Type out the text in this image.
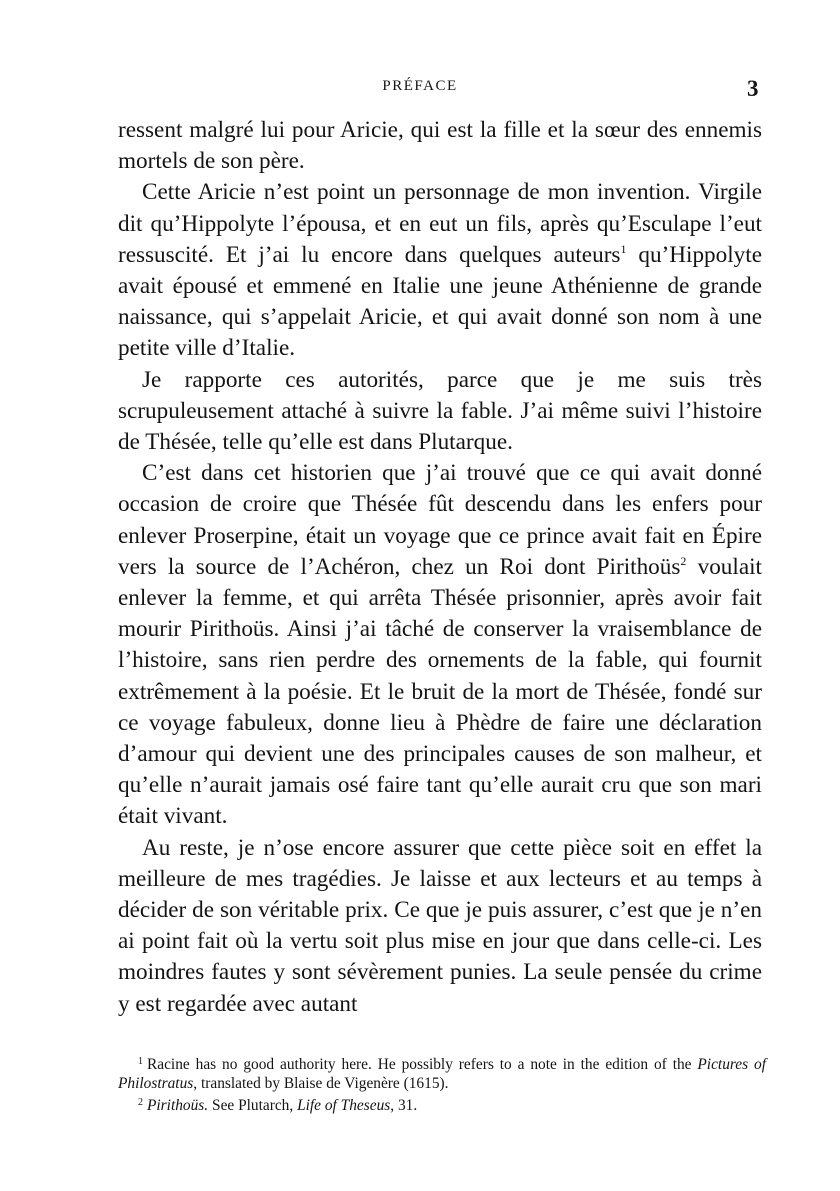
PRÉFACE	3

ressent malgré lui pour Aricie, qui est la fille et la sœur des ennemis mortels de son père.

Cette Aricie n’est point un personnage de mon invention. Virgile dit qu’Hippolyte l’épousa, et en eut un fils, après qu’Esculape l’eut ressuscité. Et j’ai lu encore dans quelques auteurs$^1$ qu’Hippolyte avait épousé et emmené en Italie une jeune Athénienne de grande naissance, qui s’appelait Aricie, et qui avait donné son nom à une petite ville d’Italie.

Je rapporte ces autorités, parce que je me suis très scrupuleusement attaché à suivre la fable. J’ai même suivi l’histoire de Thésée, telle qu’elle est dans Plutarque.

C’est dans cet historien que j’ai trouvé que ce qui avait donné occasion de croire que Thésée fût descendu dans les enfers pour enlever Proserpine, était un voyage que ce prince avait fait en Épire vers la source de l’Achéron, chez un Roi dont Pirithoüs$^2$ voulait enlever la femme, et qui arrêta Thésée prisonnier, après avoir fait mourir Pirithoüs. Ainsi j’ai tâché de conserver la vraisemblance de l’histoire, sans rien perdre des ornements de la fable, qui fournit extrêmement à la poésie. Et le bruit de la mort de Thésée, fondé sur ce voyage fabuleux, donne lieu à Phèdre de faire une déclaration d’amour qui devient une des principales causes de son malheur, et qu’elle n’aurait jamais osé faire tant qu’elle aurait cru que son mari était vivant.

Au reste, je n’ose encore assurer que cette pièce soit en effet la meilleure de mes tragédies. Je laisse et aux lecteurs et au temps à décider de son véritable prix. Ce que je puis assurer, c’est que je n’en ai point fait où la vertu soit plus mise en jour que dans celle-ci. Les moindres fautes y sont sévèrement punies. La seule pensée du crime y est regardée avec autant

$^1$ Racine has no good authority here. He possibly refers to a note in the edition of the Pictures of Philostratus, translated by Blaise de Vigenère (1615).

$^2$ Pirithoüs. See Plutarch, Life of Theseus, 31.
